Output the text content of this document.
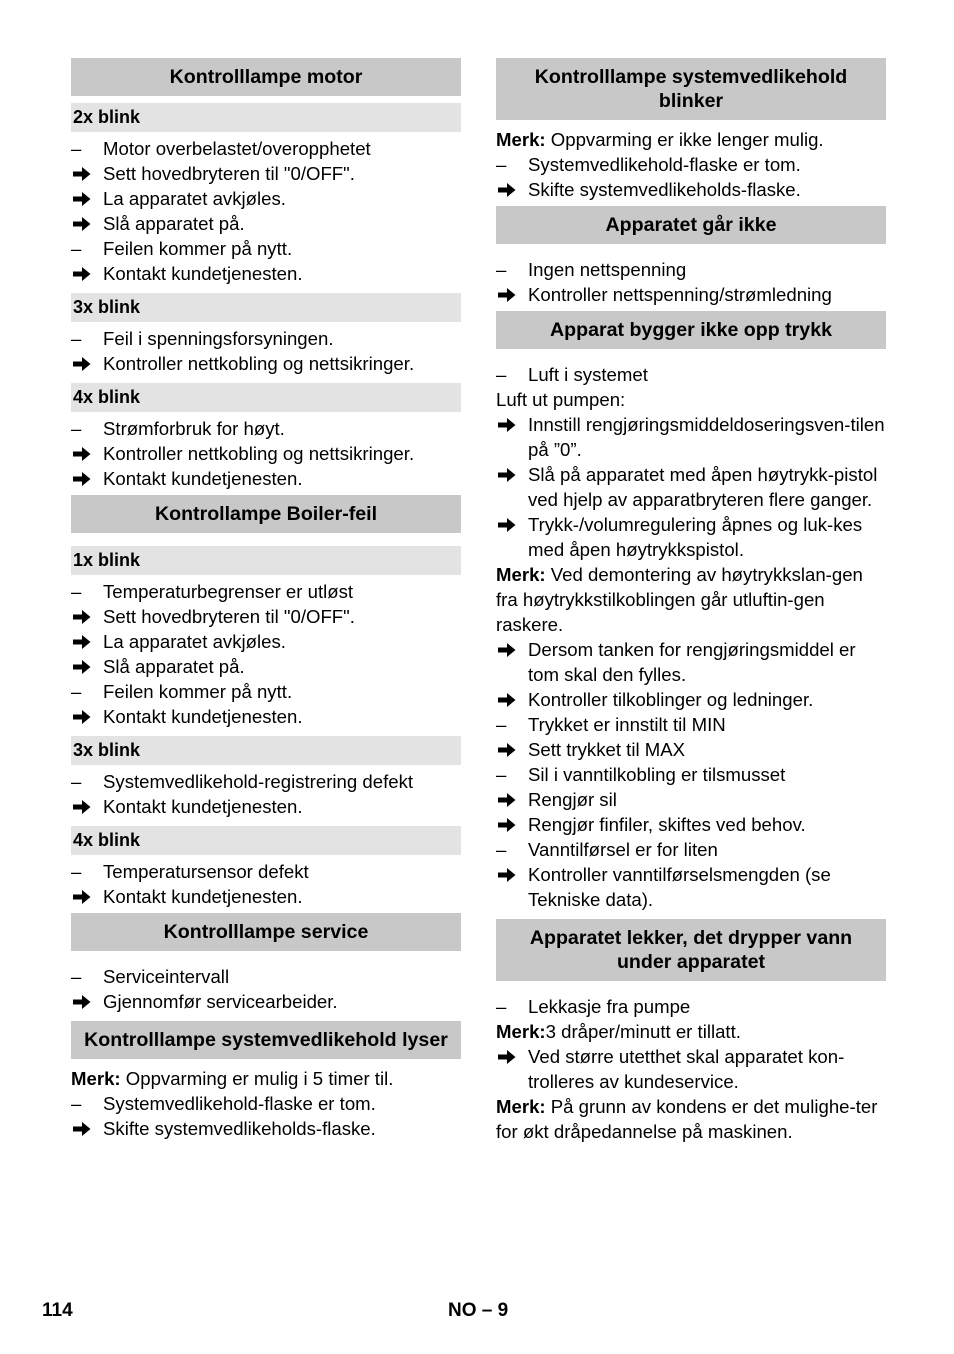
Kontrolllampe motor
2x blink
–	Motor overbelastet/overopphetet
Sett hovedbryteren til "0/OFF".
La apparatet avkjøles.
Slå apparatet på.
–	Feilen kommer på nytt.
Kontakt kundetjenesten.
3x blink
–	Feil i spenningsforsyningen.
Kontroller nettkobling og nettsikringer.
4x blink
–	Strømforbruk for høyt.
Kontroller nettkobling og nettsikringer.
Kontakt kundetjenesten.
Kontrollampe Boiler-feil
1x blink
–	Temperaturbegrenser er utløst
Sett hovedbryteren til "0/OFF".
La apparatet avkjøles.
Slå apparatet på.
–	Feilen kommer på nytt.
Kontakt kundetjenesten.
3x blink
–	Systemvedlikehold-registrering defekt
Kontakt kundetjenesten.
4x blink
–	Temperatursensor defekt
Kontakt kundetjenesten.
Kontrolllampe service
–	Serviceintervall
Gjennomfør servicearbeider.
Kontrolllampe systemvedlikehold lyser
Merk: Oppvarming er mulig i 5 timer til.
–	Systemvedlikehold-flaske er tom.
Skifte systemvedlikeholds-flaske.
Kontrolllampe systemvedlikehold blinker
Merk: Oppvarming er ikke lenger mulig.
–	Systemvedlikehold-flaske er tom.
Skifte systemvedlikeholds-flaske.
Apparatet går ikke
–	Ingen nettspenning
Kontroller nettspenning/strømledning
Apparat bygger ikke opp trykk
–	Luft i systemet
Luft ut pumpen:
Innstill rengjøringsmiddeldoseringsven-tilen på ”0”.
Slå på apparatet med åpen høytrykk-pistol ved hjelp av apparatbryteren flere ganger.
Trykk-/volumregulering åpnes og luk-kes med åpen høytrykkspistol.
Merk: Ved demontering av høytrykkslan-gen fra høytrykkstilkoblingen går utluftin-gen raskere.
Dersom tanken for rengjøringsmiddel er tom skal den fylles.
Kontroller tilkoblinger og ledninger.
–	Trykket er innstilt til MIN
Sett trykket til MAX
–	Sil i vanntilkobling er tilsmusset
Rengjør sil
Rengjør finfiler, skiftes ved behov.
–	Vanntilførsel er for liten
Kontroller vanntilførselsmengden (se Tekniske data).
Apparatet lekker, det drypper vann under apparatet
–	Lekkasje fra pumpe
Merk:3 dråper/minutt er tillatt.
Ved større utetthet skal apparatet kon-trolleres av kundeservice.
Merk: På grunn av kondens er det mulighe-ter for økt dråpedannelse på maskinen.
114	NO – 9
